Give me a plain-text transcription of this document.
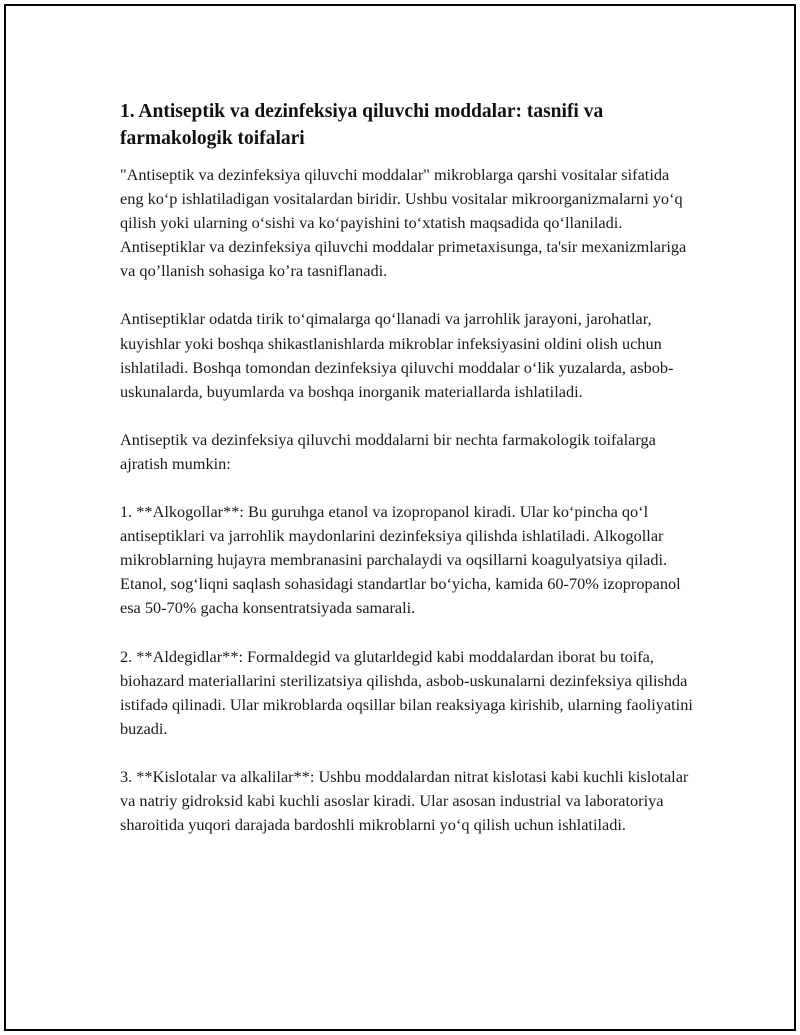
1. Antiseptik va dezinfeksiya qiluvchi moddalar: tasnifi va farmakologik toifalari

"Antiseptik va dezinfeksiya qiluvchi moddalar" mikroblarga qarshi vositalar sifatida eng koʻp ishlatiladigan vositalardan biridir. Ushbu vositalar mikroorganizmalarni yoʻq qilish yoki ularning oʻsishi va koʻpayishini toʻxtatish maqsadida qoʻllaniladi. Antiseptiklar va dezinfeksiya qiluvchi moddalar primetaxisunga, ta'sir mexanizmlariga va qo’llanish sohasiga ko’ra tasniflanadi.

Antiseptiklar odatda tirik toʻqimalarga qoʻllanadi va jarrohlik jarayoni, jarohatlar, kuyishlar yoki boshqa shikastlanishlarda mikroblar infeksiyasini oldini olish uchun ishlatiladi. Boshqa tomondan dezinfeksiya qiluvchi moddalar oʻlik yuzalarda, asbob-uskunalarda, buyumlarda va boshqa inorganik materiallarda ishlatiladi.

Antiseptik va dezinfeksiya qiluvchi moddalarni bir nechta farmakologik toifalarga ajratish mumkin:

1. **Alkogollar**: Bu guruhga etanol va izopropanol kiradi. Ular koʻpincha qoʻl antiseptiklari va jarrohlik maydonlarini dezinfeksiya qilishda ishlatiladi. Alkogollar mikroblarning hujayra membranasini parchalaydi va oqsillarni koagulyatsiya qiladi. Etanol, sogʻliqni saqlash sohasidagi standartlar boʻyicha, kamida 60-70% izopropanol esa 50-70% gacha konsentratsiyada samarali.

2. **Aldegidlar**: Formaldegid va glutarldegid kabi moddalardan iborat bu toifa, biohazard materiallarini sterilizatsiya qilishda, asbob-uskunalarni dezinfeksiya qilishda istifadə qilinadi. Ular mikroblarda oqsillar bilan reaksiyaga kirishib, ularning faoliyatini buzadi.

3. **Kislotalar va alkalilar**: Ushbu moddalardan nitrat kislotasi kabi kuchli kislotalar va natriy gidroksid kabi kuchli asoslar kiradi. Ular asosan industrial va laboratoriya sharoitida yuqori darajada bardoshli mikroblarni yoʻq qilish uchun ishlatiladi.
